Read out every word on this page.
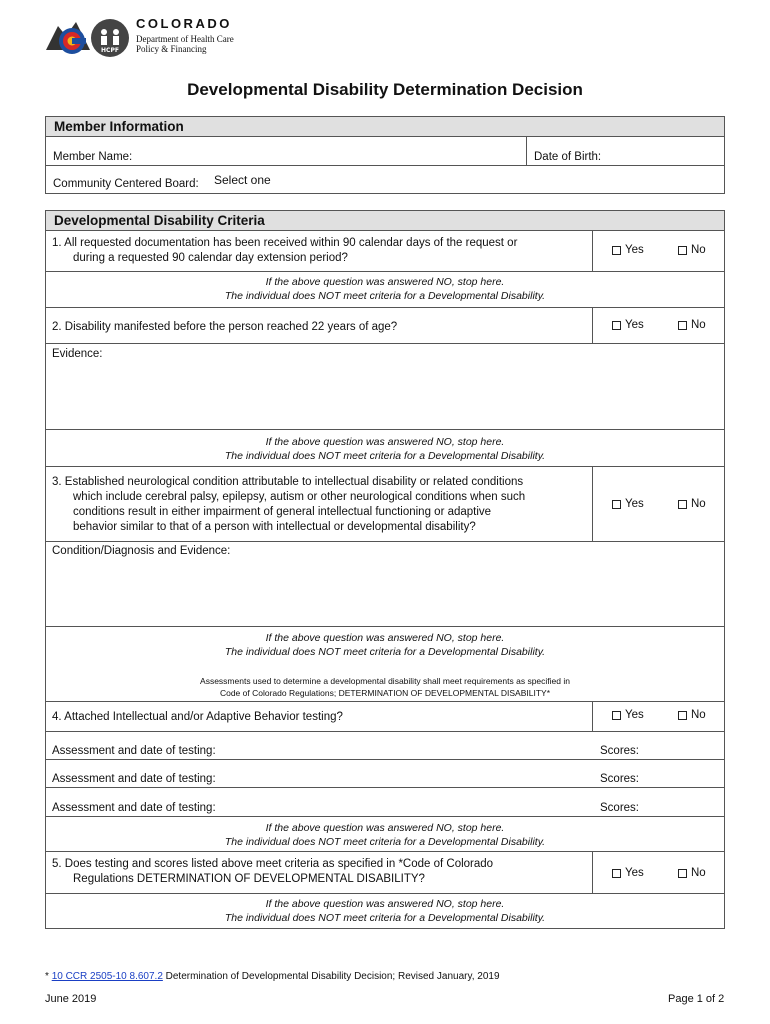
HCPF
COLORADO
Department of Health Care
Policy & Financing
Developmental Disability Determination Decision
Member Information
Member Name:	Date of Birth:
Community Centered Board: Select one
Developmental Disability Criteria
1. All requested documentation has been received within 90 calendar days of the request or
during a requested 90 calendar day extension period?
Yes	No
If the above question was answered NO, stop here.
The individual does NOT meet criteria for a Developmental Disability.
2. Disability manifested before the person reached 22 years of age?	Yes	No
Evidence:
If the above question was answered NO, stop here.
The individual does NOT meet criteria for a Developmental Disability.
3. Established neurological condition attributable to intellectual disability or related conditions
which include cerebral palsy, epilepsy, autism or other neurological conditions when such
conditions result in either impairment of general intellectual functioning or adaptive
behavior similar to that of a person with intellectual or developmental disability?
Yes	No
Condition/Diagnosis and Evidence:
If the above question was answered NO, stop here.
The individual does NOT meet criteria for a Developmental Disability.
Assessments used to determine a developmental disability shall meet requirements as specified in
Code of Colorado Regulations; DETERMINATION OF DEVELOPMENTAL DISABILITY*
4. Attached Intellectual and/or Adaptive Behavior testing?	Yes	No
Assessment and date of testing:	Scores:
Assessment and date of testing:	Scores:
Assessment and date of testing:	Scores:
If the above question was answered NO, stop here.
The individual does NOT meet criteria for a Developmental Disability.
5. Does testing and scores listed above meet criteria as specified in *Code of Colorado
Regulations DETERMINATION OF DEVELOPMENTAL DISABILITY?	Yes	No
If the above question was answered NO, stop here.
The individual does NOT meet criteria for a Developmental Disability.
* 10 CCR 2505-10 8.607.2 Determination of Developmental Disability Decision; Revised January, 2019
June 2019	Page 1 of 2
